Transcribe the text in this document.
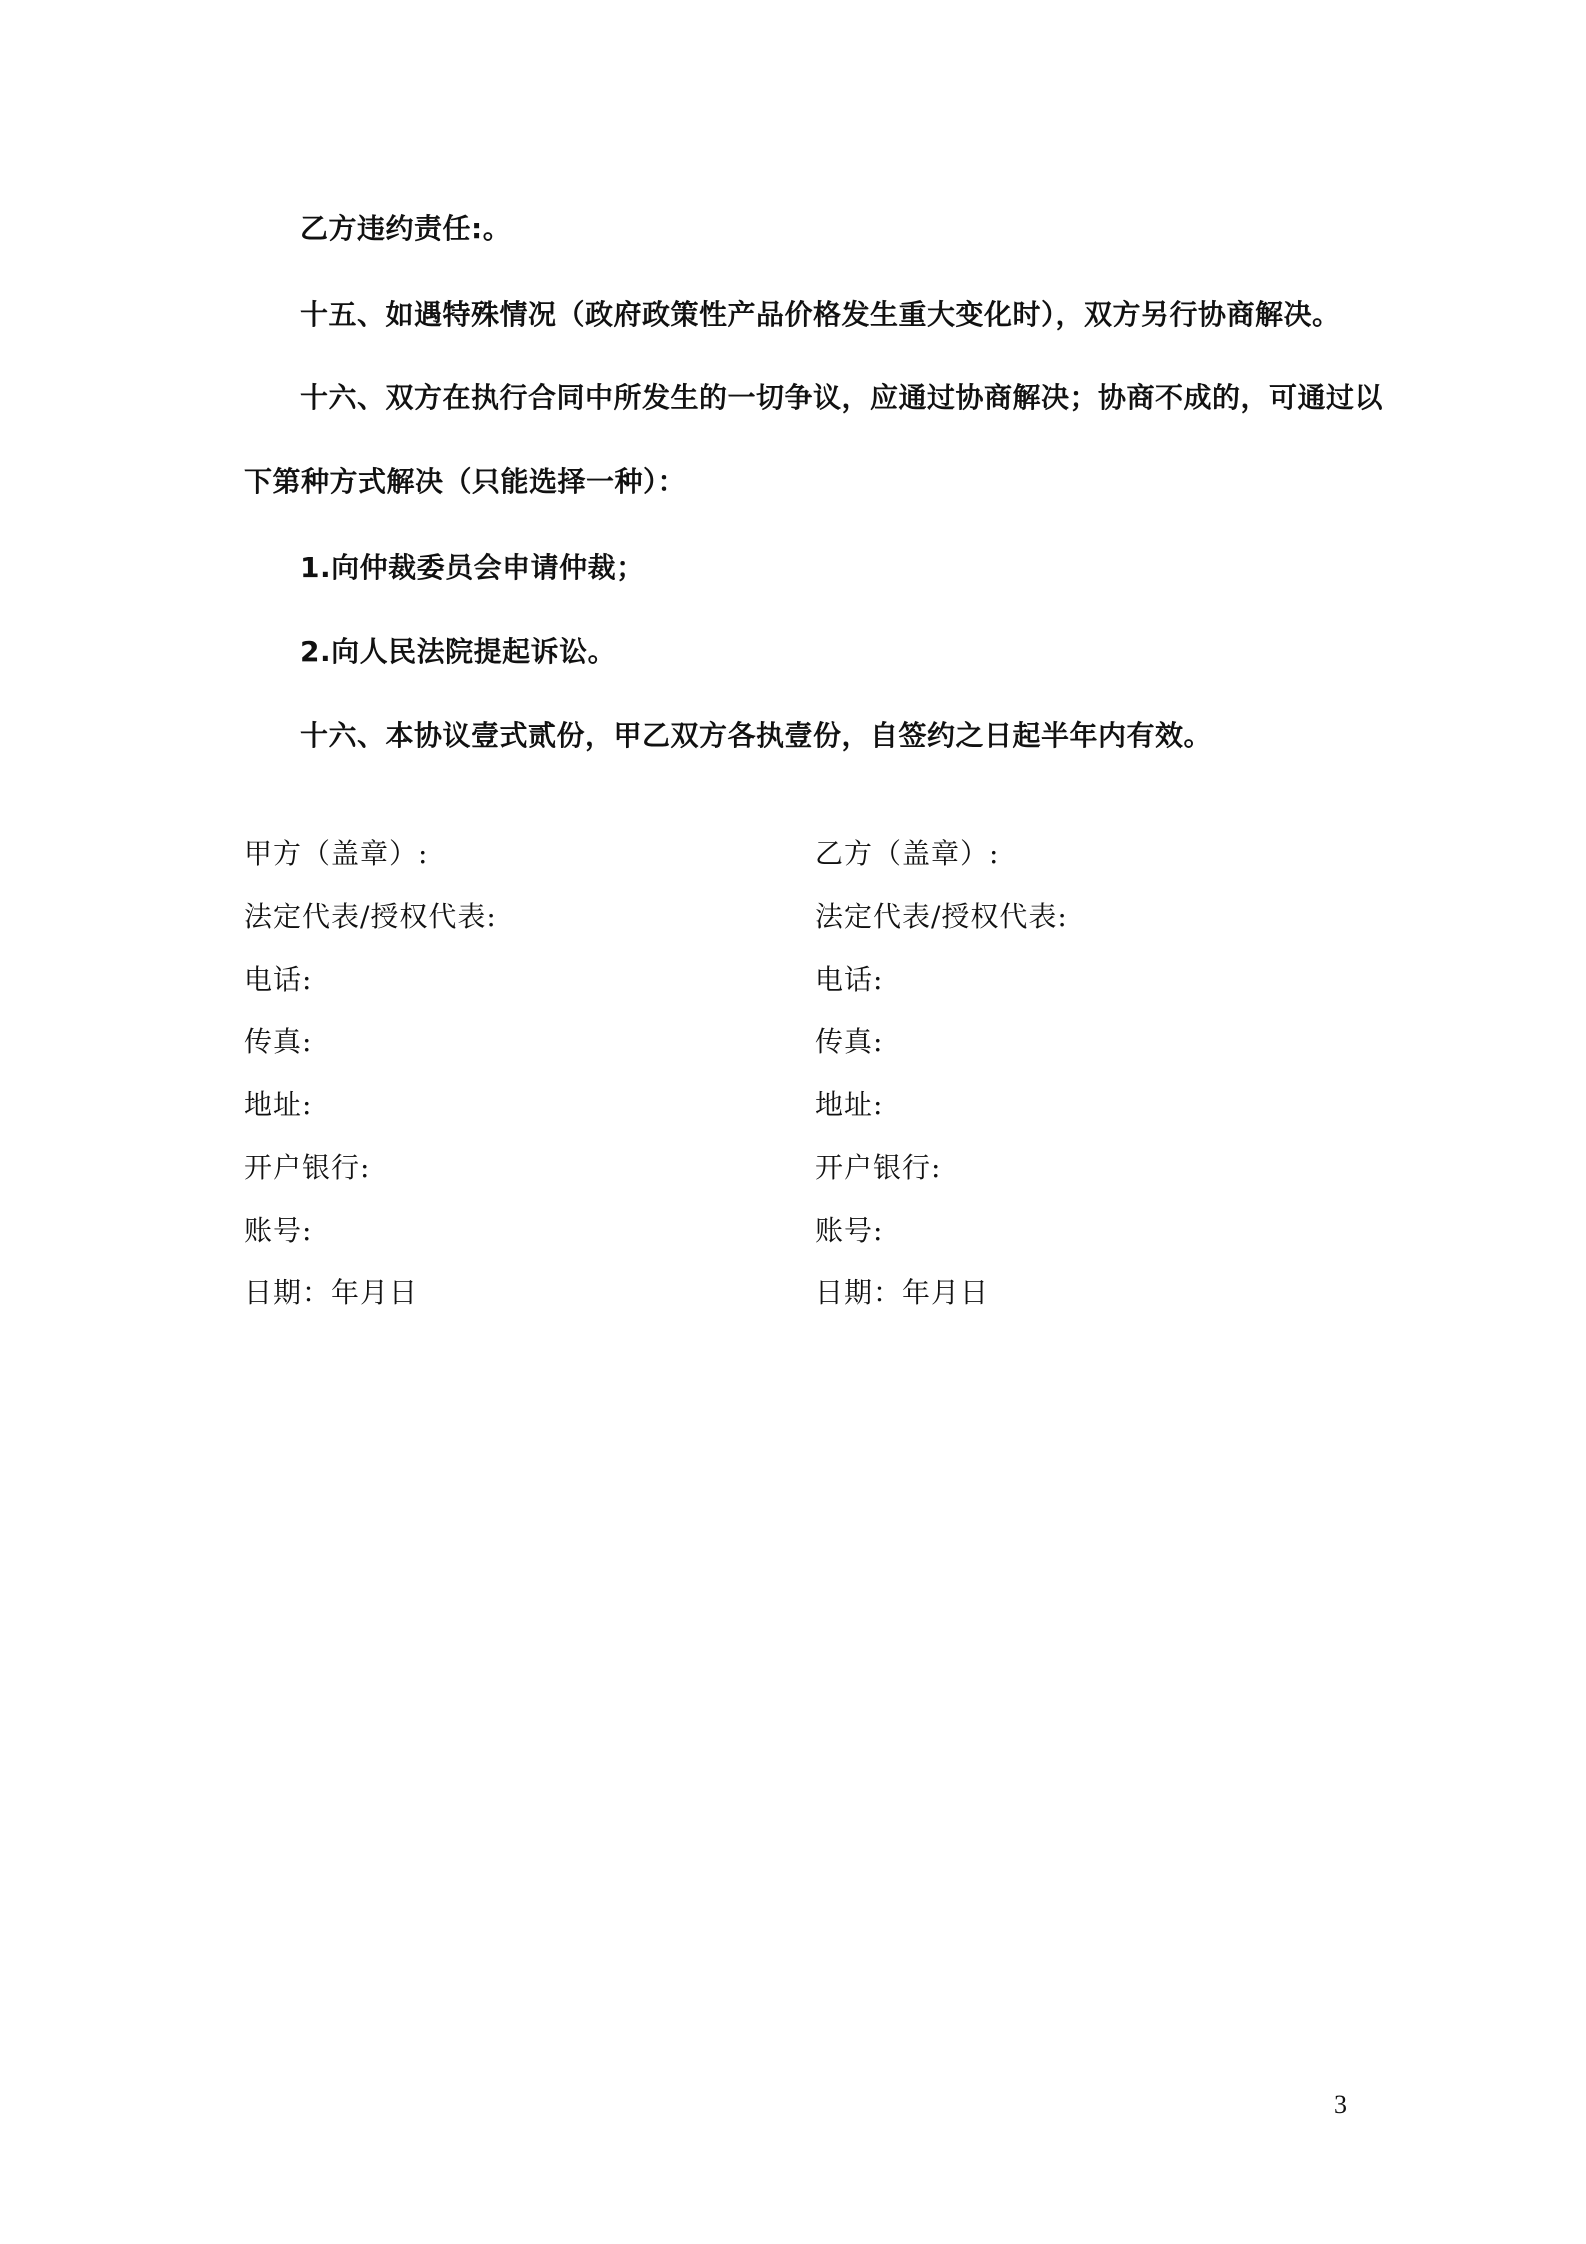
乙方违约责任:。
十五、如遇特殊情况（政府政策性产品价格发生重大变化时），双方另行协商解决。
十六、双方在执行合同中所发生的一切争议，应通过协商解决；协商不成的，可通过以
下第种方式解决（只能选择一种）：
1.向仲裁委员会申请仲裁；
2.向人民法院提起诉讼。
十六、本协议壹式贰份，甲乙双方各执壹份，自签约之日起半年内有效。
甲方（盖章）:
法定代表/授权代表:
电话:
传真:
地址:
开户银行:
账号:
日期：年月日
乙方（盖章）:
法定代表/授权代表:
电话:
传真:
地址:
开户银行:
账号:
日期：年月日
3
